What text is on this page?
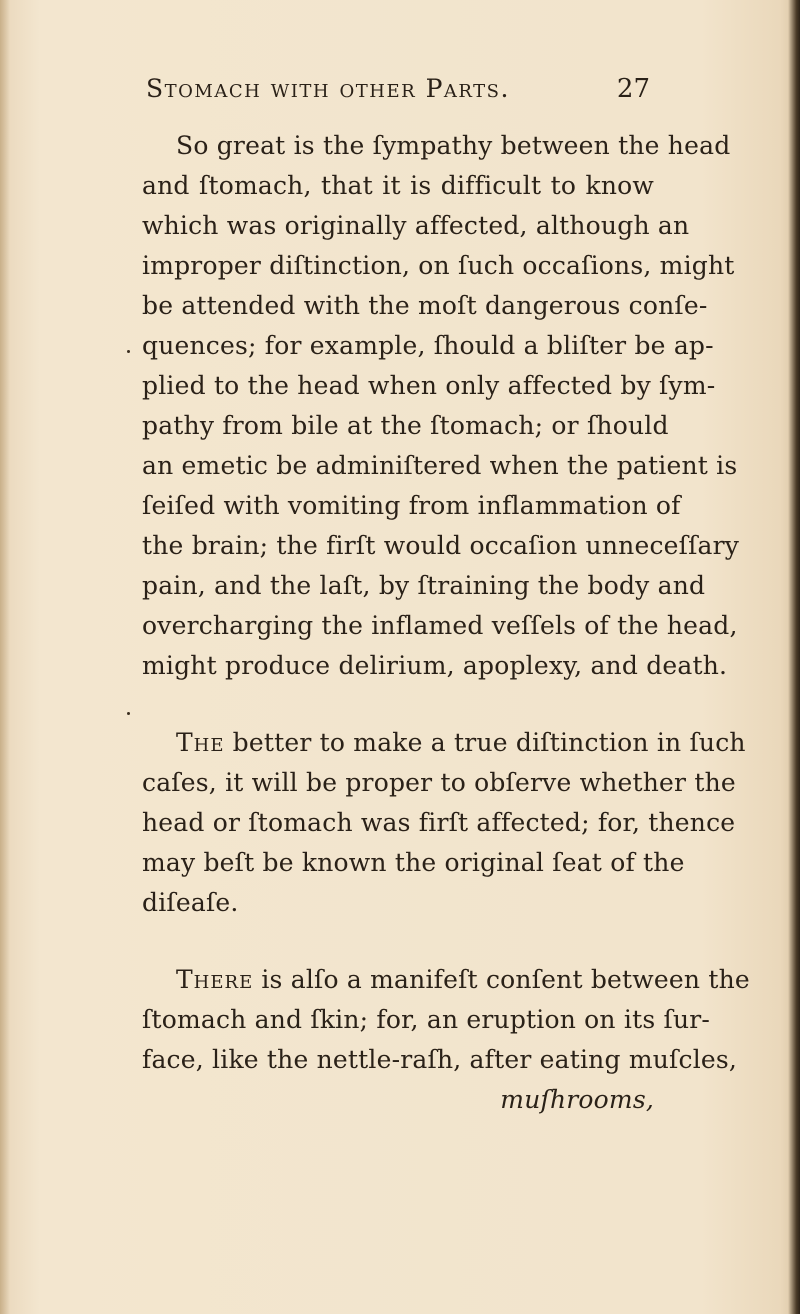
Stomach with other Parts.	27

So great is the ſympathy between the head

and ſtomach, that it is difficult to know

which was originally affected, although an

improper diſtinction, on ſuch occaſions, might

be attended with the moſt dangerous conſe-

quences; for example, ſhould a bliſter be ap-

plied to the head when only affected by ſym-

pathy from bile at the ſtomach; or ſhould

an emetic be adminiſtered when the patient is

ſeiſed with vomiting from inflammation of

the brain; the firſt would occaſion unneceſſary

pain, and the laſt, by ſtraining the body and

overcharging the inflamed veſſels of the head,

might produce delirium, apoplexy, and death.

The better to make a true diſtinction in ſuch

caſes, it will be proper to obſerve whether the

head or ſtomach was firſt affected; for, thence

may beſt be known the original ſeat of the

diſeaſe.

There is alſo a manifeſt conſent between the

ſtomach and ſkin; for, an eruption on its ſur-

face, like the nettle-raſh, after eating muſcles,

muſhrooms,
